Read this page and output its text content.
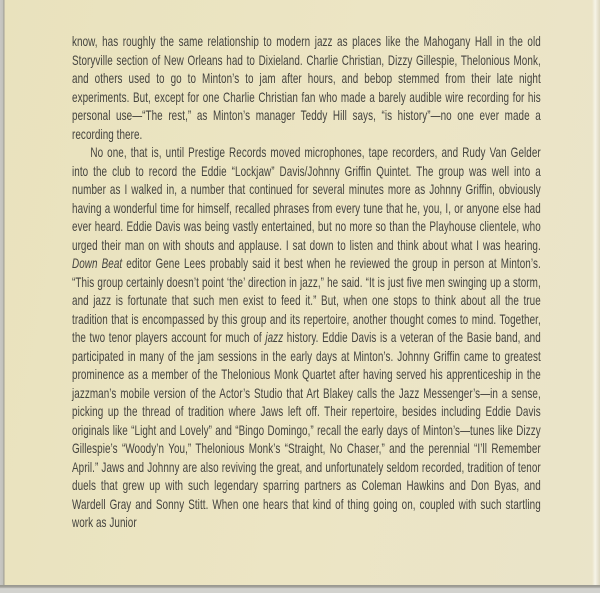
know, has roughly the same relationship to modern jazz as places like the Mahogany Hall in the old Storyville section of New Orleans had to Dixieland. Charlie Christian, Dizzy Gillespie, Thelonious Monk, and others used to go to Minton’s to jam after hours, and bebop stemmed from their late night experiments. But, except for one Charlie Christian fan who made a barely audible wire recording for his personal use—“The rest,” as Minton’s manager Teddy Hill says, “is history”—no one ever made a recording there.

No one, that is, until Prestige Records moved microphones, tape recorders, and Rudy Van Gelder into the club to record the Eddie “Lockjaw” Davis/Johnny Griffin Quintet. The group was well into a number as I walked in, a number that continued for several minutes more as Johnny Griffin, obviously having a wonderful time for himself, recalled phrases from every tune that he, you, I, or anyone else had ever heard. Eddie Davis was being vastly entertained, but no more so than the Playhouse clientele, who urged their man on with shouts and applause. I sat down to listen and think about what I was hearing. Down Beat editor Gene Lees probably said it best when he reviewed the group in person at Minton’s. “This group certainly doesn’t point ‘the’ direction in jazz,” he said. “It is just five men swinging up a storm, and jazz is fortunate that such men exist to feed it.” But, when one stops to think about all the true tradition that is encompassed by this group and its repertoire, another thought comes to mind. Together, the two tenor players account for much of jazz history. Eddie Davis is a veteran of the Basie band, and participated in many of the jam sessions in the early days at Minton’s. Johnny Griffin came to greatest prominence as a member of the Thelonious Monk Quartet after having served his apprenticeship in the jazzman’s mobile version of the Actor’s Studio that Art Blakey calls the Jazz Messenger’s—in a sense, picking up the thread of tradition where Jaws left off. Their repertoire, besides including Eddie Davis originals like “Light and Lovely” and “Bingo Domingo,” recall the early days of Minton’s—tunes like Dizzy Gillespie’s “Woody’n You,” Thelonious Monk’s “Straight, No Chaser,” and the perennial “I’ll Remember April.” Jaws and Johnny are also reviving the great, and unfortunately seldom recorded, tradition of tenor duels that grew up with such legendary sparring partners as Coleman Hawkins and Don Byas, and Wardell Gray and Sonny Stitt. When one hears that kind of thing going on, coupled with such startling work as Junior
